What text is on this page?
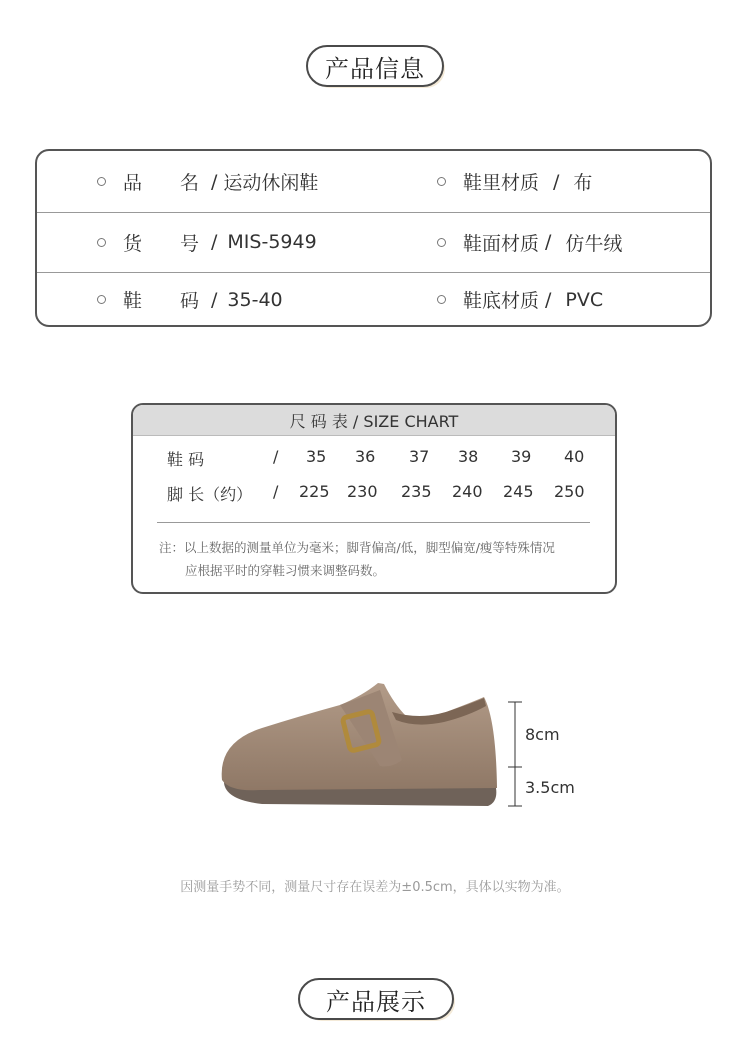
产品信息
品　　名 / 运动休闲鞋	鞋里材质 / 布
货　　号 / MIS-5949	鞋面材质 / 仿牛绒
鞋　　码 / 35-40	鞋底材质 / PVC
尺 码 表 / SIZE CHART
鞋 码	/ 35 36 37 38 39 40
脚 长（约） / 225 230 235 240 245 250
注：以上数据的测量单位为毫米；脚背偏高/低，脚型偏宽/瘦等特殊情况
应根据平时的穿鞋习惯来调整码数。
8cm
3.5cm
因测量手势不同，测量尺寸存在误差为±0.5cm，具体以实物为准。
产品展示
